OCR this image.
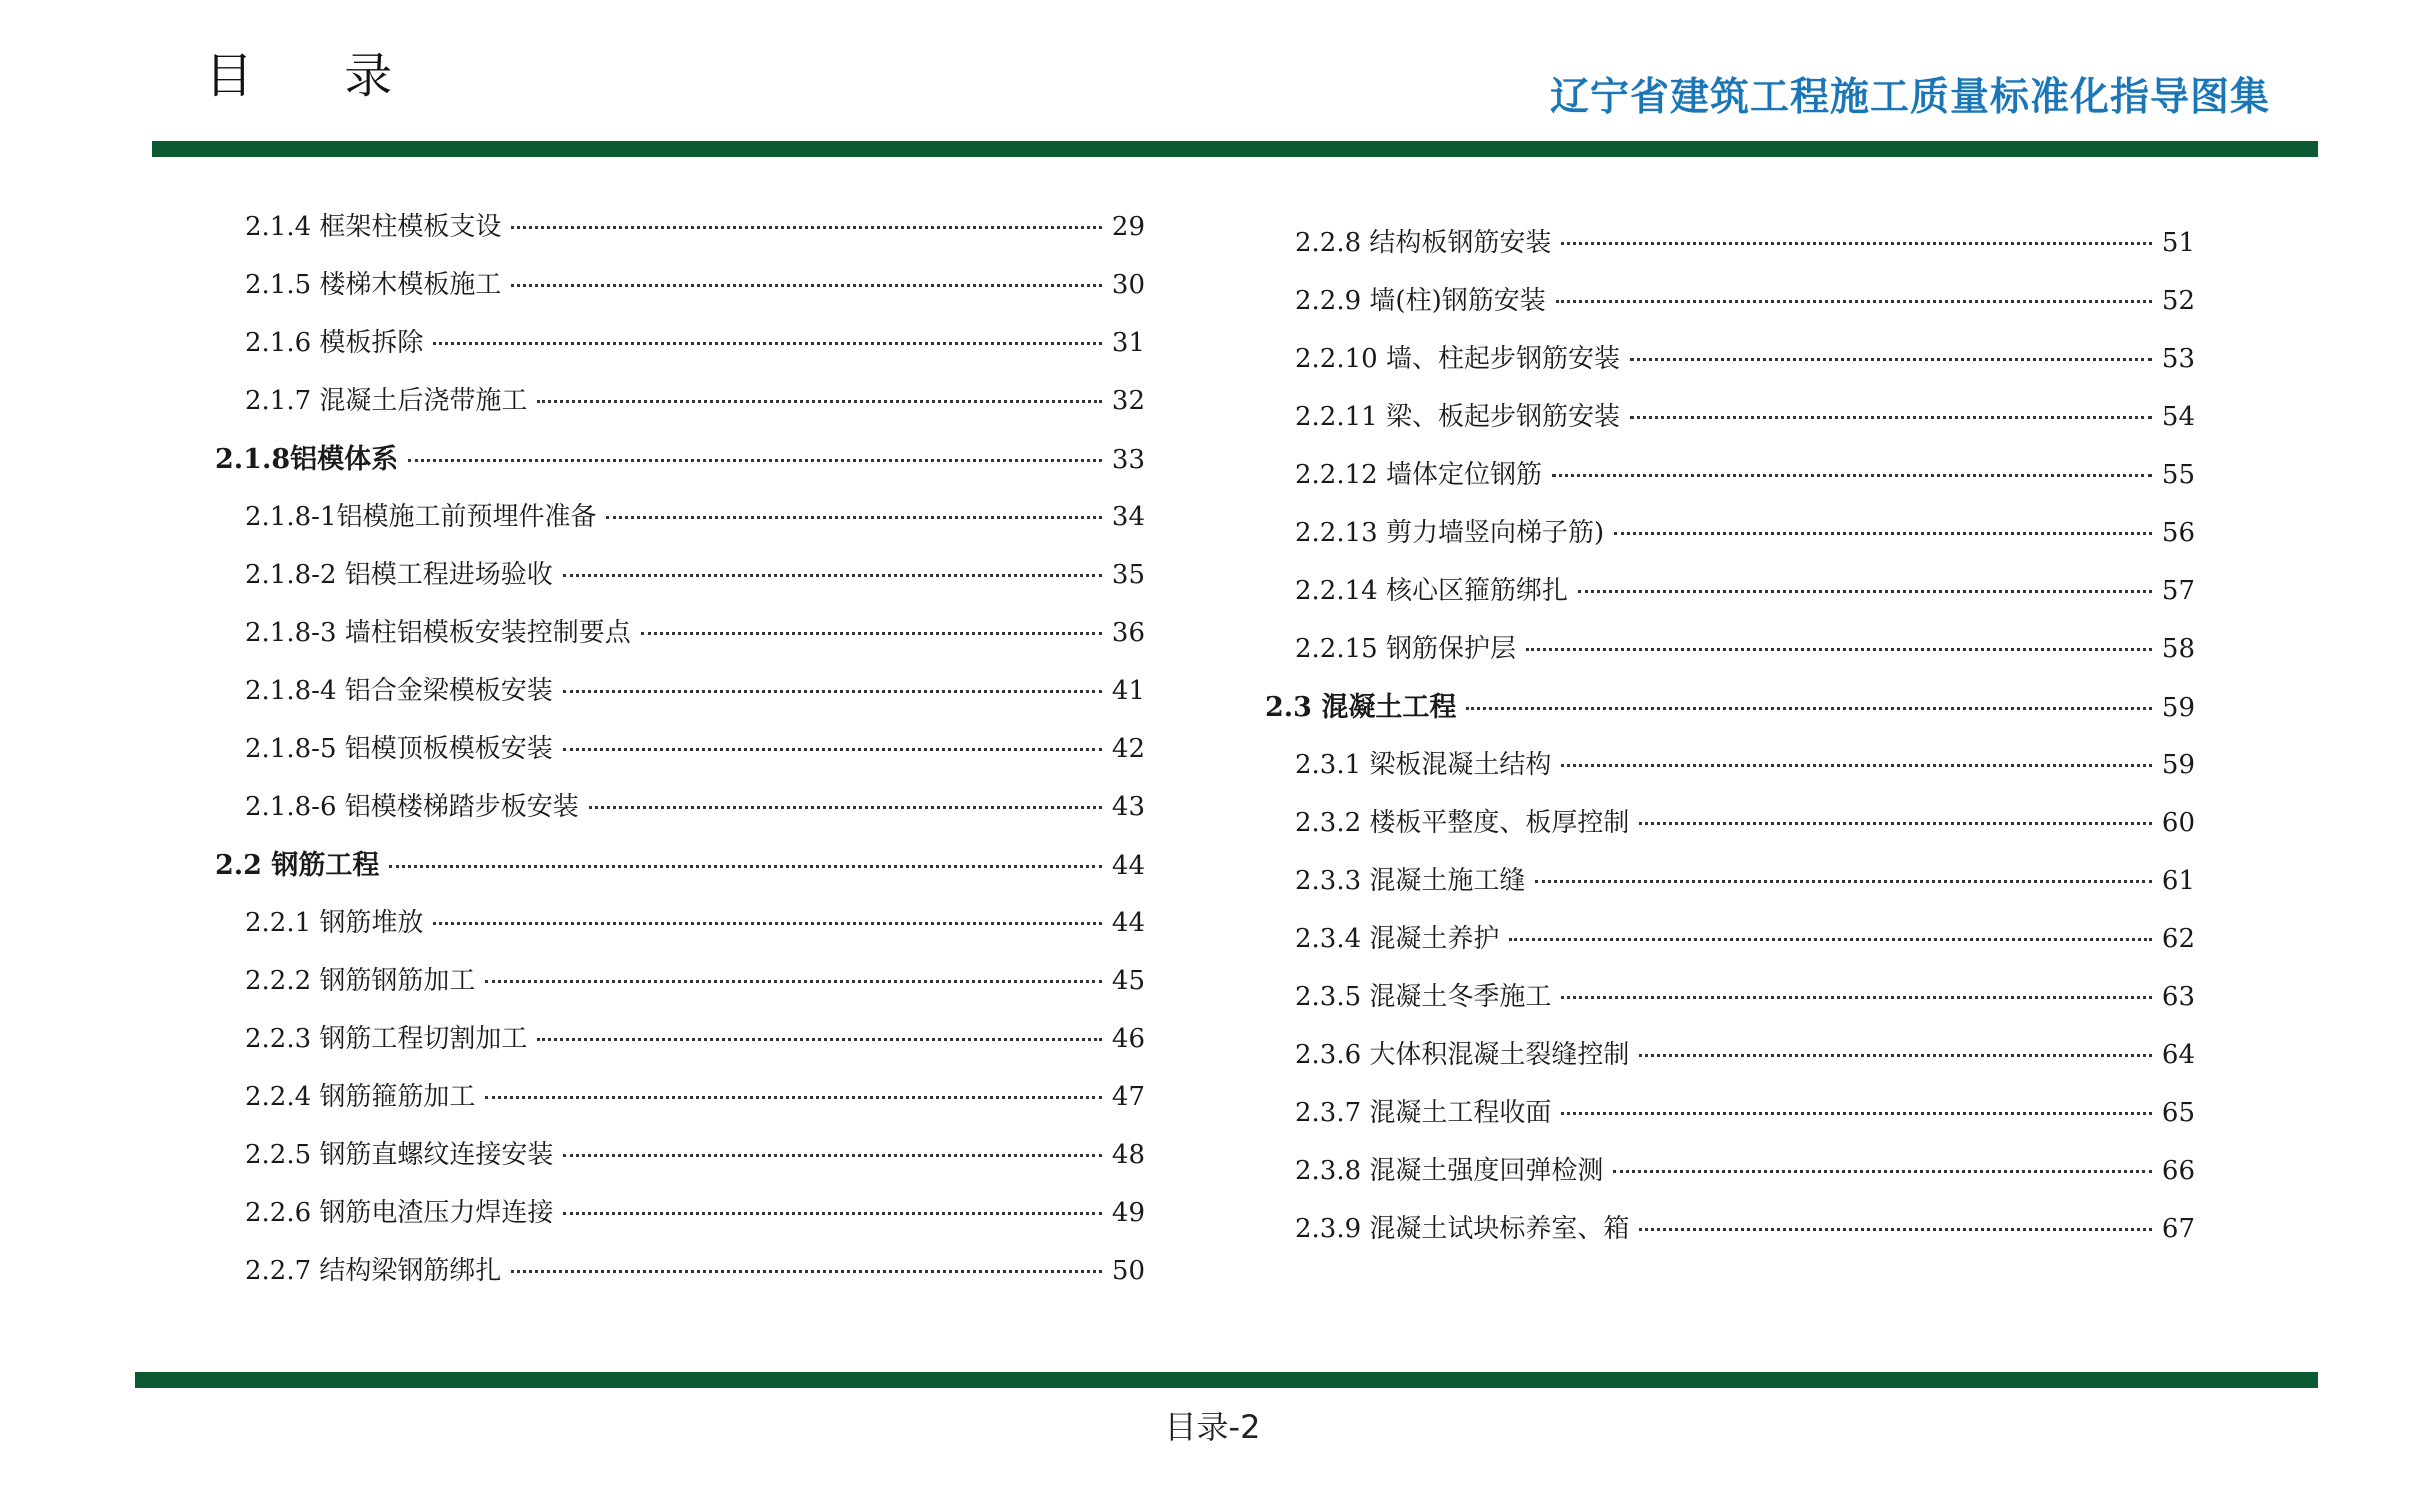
目 录	辽宁省建筑工程施工质量标准化指导图集
2.1.4 框架柱模板支设	29
2.1.5 楼梯木模板施工	30
2.1.6 模板拆除	31
2.1.7 混凝土后浇带施工	32
2.1.8铝模体系	33
2.1.8-1铝模施工前预埋件准备	34
2.1.8-2 铝模工程进场验收	35
2.1.8-3 墙柱铝模板安装控制要点	36
2.1.8-4 铝合金梁模板安装	41
2.1.8-5 铝模顶板模板安装	42
2.1.8-6 铝模楼梯踏步板安装	43
2.2 钢筋工程	44
2.2.1 钢筋堆放	44
2.2.2 钢筋钢筋加工	45
2.2.3 钢筋工程切割加工	46
2.2.4 钢筋箍筋加工	47
2.2.5 钢筋直螺纹连接安装	48
2.2.6 钢筋电渣压力焊连接	49
2.2.7 结构梁钢筋绑扎	50
2.2.8 结构板钢筋安装	51
2.2.9 墙(柱)钢筋安装	52
2.2.10 墙、柱起步钢筋安装	53
2.2.11 梁、板起步钢筋安装	54
2.2.12 墙体定位钢筋	55
2.2.13 剪力墙竖向梯子筋)	56
2.2.14 核心区箍筋绑扎	57
2.2.15 钢筋保护层	58
2.3 混凝土工程	59
2.3.1 梁板混凝土结构	59
2.3.2 楼板平整度、板厚控制	60
2.3.3 混凝土施工缝	61
2.3.4 混凝土养护	62
2.3.5 混凝土冬季施工	63
2.3.6 大体积混凝土裂缝控制	64
2.3.7 混凝土工程收面	65
2.3.8 混凝土强度回弹检测	66
2.3.9 混凝土试块标养室、箱	67
目录-2
